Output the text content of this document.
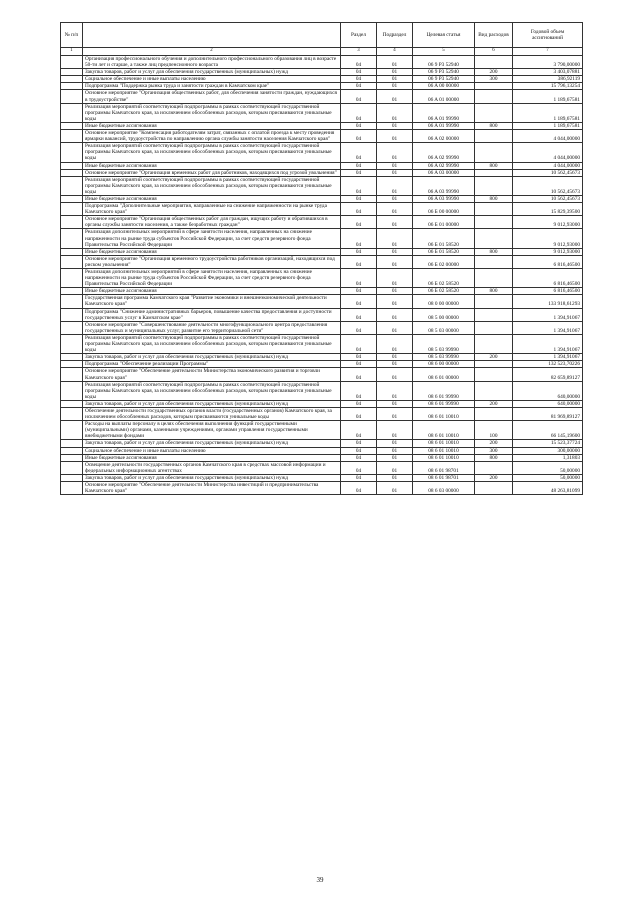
№ п/п		Раздел	Подраздел	Целевая статья	Вид расходов	Годовой объем ассигнований
1	2	3	4	5	6	7
	Организация профессионального обучения и дополнительного профессионального образования лиц в возрасте 50-ти лет и старше, а также лиц предпенсионного возраста	04	01	06 9 P3 52940		3 790,00000
	Закупка товаров, работ и услуг для обеспечения государственных (муниципальных) нужд	04	01	06 9 P3 52940	200	3 403,07881
	Социальное обеспечение и иные выплаты населению	04	01	06 9 P3 52940	300	386,92119
	Подпрограмма "Поддержка рынка труда и занятости граждан в Камчатском крае"	04	01	06 A 00 00000		15 796,13254
	Основное мероприятие "Организация общественных работ, для обеспечения занятости граждан, нуждающихся в трудоустройстве"	04	01	06 A 01 00000		1 189,67581
	Реализация мероприятий соответствующей подпрограммы в рамках соответствующей государственной программы Камчатского края, за исключением обособленных расходов, которым присваиваются уникальные коды	04	01	06 A 01 99990		1 189,67581
	Иные бюджетные ассигнования	04	01	06 A 01 99990	800	1 189,67581
	Основное мероприятие "Компенсация работодателям затрат, связанных с оплатой проезда к месту проведения ярмарки вакансий, трудоустройства по направлению органа службы занятости населения Камчатского края"	04	01	06 A 02 00000		4 044,00000
	Реализация мероприятий соответствующей подпрограммы в рамках соответствующей государственной программы Камчатского края, за исключением обособленных расходов, которым присваиваются уникальные коды	04	01	06 A 02 99990		4 044,00000
	Иные бюджетные ассигнования	04	01	06 A 02 99990	800	4 044,00000
	Основное мероприятие "Организация временных работ для работников, находящихся под угрозой увольнения"	04	01	06 A 03 00000		10 562,45673
	Реализация мероприятий соответствующей подпрограммы в рамках соответствующей государственной программы Камчатского края, за исключением обособленных расходов, которым присваиваются уникальные коды	04	01	06 A 03 99990		10 562,45673
	Иные бюджетные ассигнования	04	01	06 A 03 99990	800	10 562,45673
	Подпрограмма "Дополнительные мероприятия, направленные на снижение напряженности на рынке труда Камчатского края"	04	01	06 Б 00 00000		15 829,39500
	Основное мероприятие "Организация общественных работ для граждан, ищущих работу и обратившихся в органы службы занятости населения, а также безработных граждан"	04	01	06 Б 01 00000		9 012,93000
	Реализация дополнительных мероприятий в сфере занятости населения, направленных на снижение напряженности на рынке труда субъектов Российской Федерации, за счет средств резервного фонда Правительства Российской Федерации	04	01	06 Б 01 58520		9 012,93000
	Иные бюджетные ассигнования	04	01	06 Б 01 58520	800	9 012,93000
	Основное мероприятие "Организация временного трудоустройства работников организаций, находящихся под риском увольнения"	04	01	06 Б 02 00000		6 816,46500
	Реализация дополнительных мероприятий в сфере занятости населения, направленных на снижение напряженности на рынке труда субъектов Российской Федерации, за счет средств резервного фонда Правительства Российской Федерации	04	01	06 Б 02 58520		6 816,46500
	Иные бюджетные ассигнования	04	01	06 Б 02 58520	800	6 816,46500
	Государственная программа Камчатского края "Развитие экономики и внешнеэкономической деятельности Камчатского края"	04	01	08 0 00 00000		133 918,61293
	Подпрограмма "Снижение административных барьеров, повышение качества предоставления и доступности государственных услуг в Камчатском крае"	04	01	08 5 00 00000		1 394,91067
	Основное мероприятие "Совершенствование деятельности многофункционального центра предоставления государственных и муниципальных услуг, развитие его территориальной сети"	04	01	08 5 03 00000		1 394,91067
	Реализация мероприятий соответствующей подпрограммы в рамках соответствующей государственной программы Камчатского края, за исключением обособленных расходов, которым присваиваются уникальные коды	04	01	08 5 03 99990		1 394,91067
	Закупка товаров, работ и услуг для обеспечения государственных (муниципальных) нужд	04	01	08 5 03 99990	200	1 394,91067
	Подпрограмма "Обеспечение реализации Программы"	04	01	08 6 00 00000		132 523,70226
	Основное мероприятие "Обеспечение деятельности Министерства экономического развития и торговли Камчатского края"	04	01	08 6 01 00000		82 659,89127
	Реализация мероприятий соответствующей подпрограммы в рамках соответствующей государственной программы Камчатского края, за исключением обособленных расходов, которым присваиваются уникальные коды	04	01	08 6 01 99990		640,00000
	Закупка товаров, работ и услуг для обеспечения государственных (муниципальных) нужд	04	01	08 6 01 99990	200	640,00000
	Обеспечение деятельности государственных органов власти (государственных органов) Камчатского края, за исключением обособленных расходов, которым присваиваются уникальные коды	04	01	08 6 01 10010		81 969,89127
	Расходы на выплаты персоналу в целях обеспечения выполнения функций государственными (муниципальными) органами, казенными учреждениями, органами управления государственными внебюджетными фондами	04	01	08 6 01 10010	100	66 145,19600
	Закупка товаров, работ и услуг для обеспечения государственных (муниципальных) нужд	04	01	08 6 01 10010	200	15 523,37724
	Социальное обеспечение и иные выплаты населению	04	01	08 6 01 10010	300	300,00000
	Иные бюджетные ассигнования	04	01	08 6 01 10010	800	1,31803
	Освещение деятельности государственных органов Камчатского края в средствах массовой информации и федеральных информационных агентствах	04	01	08 6 01 98701		50,00000
	Закупка товаров, работ и услуг для обеспечения государственных (муниципальных) нужд	04	01	08 6 01 98701	200	50,00000
	Основное мероприятие "Обеспечение деятельности Министерства инвестиций и предпринимательства Камчатского края"	04	01	08 6 03 00000		48 263,81099
39
